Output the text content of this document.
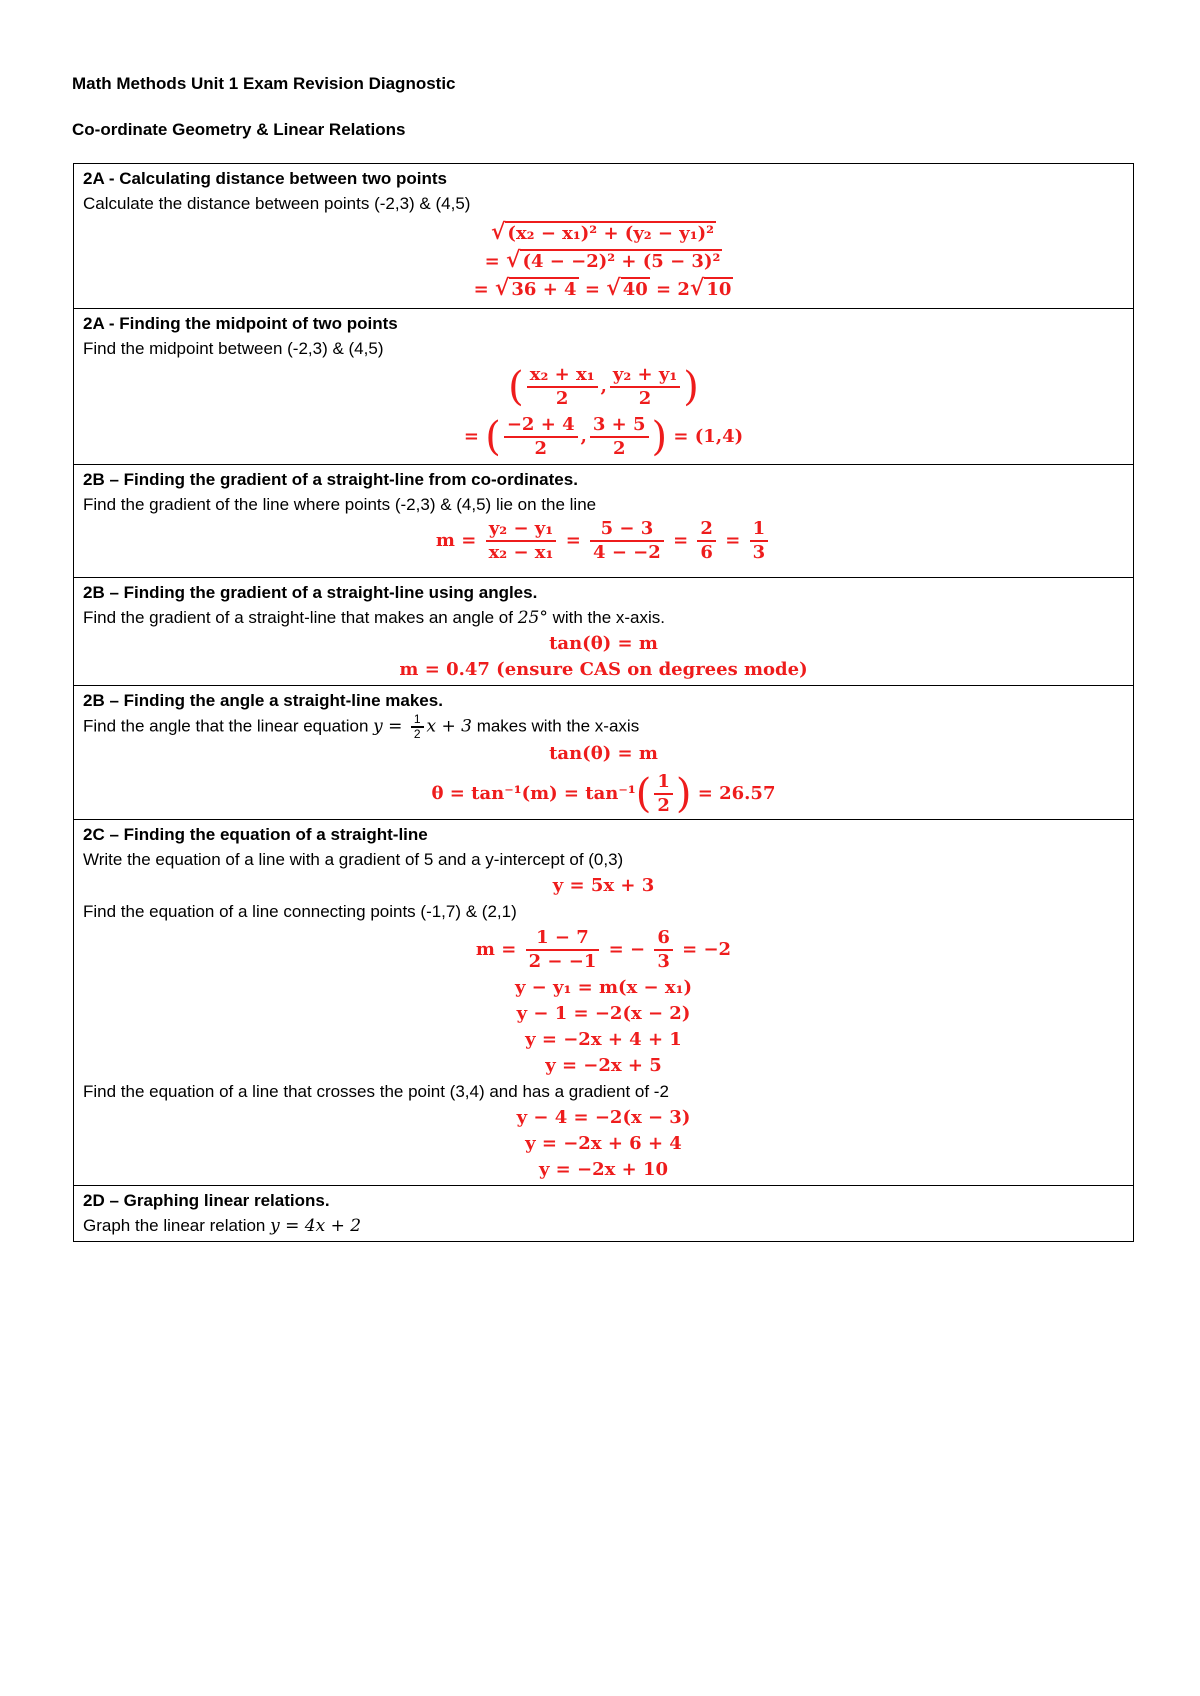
Math Methods Unit 1 Exam Revision Diagnostic
Co-ordinate Geometry & Linear Relations
2A - Calculating distance between two points
Calculate the distance between points (-2,3) & (4,5)
√ (x₂ − x₁)² + (y₂ − y₁)²
= √ (4 − −2)² + (5 − 3)²
= √ 36 + 4 = √ 40 = 2√ 10

2A - Finding the midpoint of two points
Find the midpoint between (-2,3) & (4,5)
( $\frac{\text{x₂ + x₁}}{2}$ , $\frac{\text{y₂ + y₁}}{2}$ )
= ( $\frac{-2 + 4}{2}$ , $\frac{3 + 5}{2}$ ) = (1,4)

2B – Finding the gradient of a straight-line from co-ordinates.
Find the gradient of the line where points (-2,3) & (4,5) lie on the line
$m = \frac{\text{y₂ − y₁}}{\text{x₂ − x₁}} = \frac{5 - 3}{4 - -2} = \frac{2}{6} = \frac{1}{3}$

2B – Finding the gradient of a straight-line using angles.
Find the gradient of a straight-line that makes an angle of 25° with the x-axis.
tan(θ) = m
m = 0.47 (ensure CAS on degrees mode)

2B – Finding the angle a straight-line makes.
Find the angle that the linear equation $y = \frac{1}{2}$ x + 3 makes with the x-axis
tan(θ) = m
$\theta = \tan^{-1}(m) = \tan^{-1}( \frac{1}{2}$ ) = 26.57

2C – Finding the equation of a straight-line
Write the equation of a line with a gradient of 5 and a y-intercept of (0,3)
y = 5x + 3
Find the equation of a line connecting points (-1,7) & (2,1)
$m = \frac{1 - 7}{2 - -1}$ = − $\frac{6}{3} = -2$
y − y₁ = m(x − x₁)
y − 1 = −2(x − 2)
y = −2x + 4 + 1
y = −2x + 5
Find the equation of a line that crosses the point (3,4) and has a gradient of -2
y − 4 = −2(x − 3)
y = −2x + 6 + 4
y = −2x + 10

2D – Graphing linear relations.
Graph the linear relation y = 4x + 2
